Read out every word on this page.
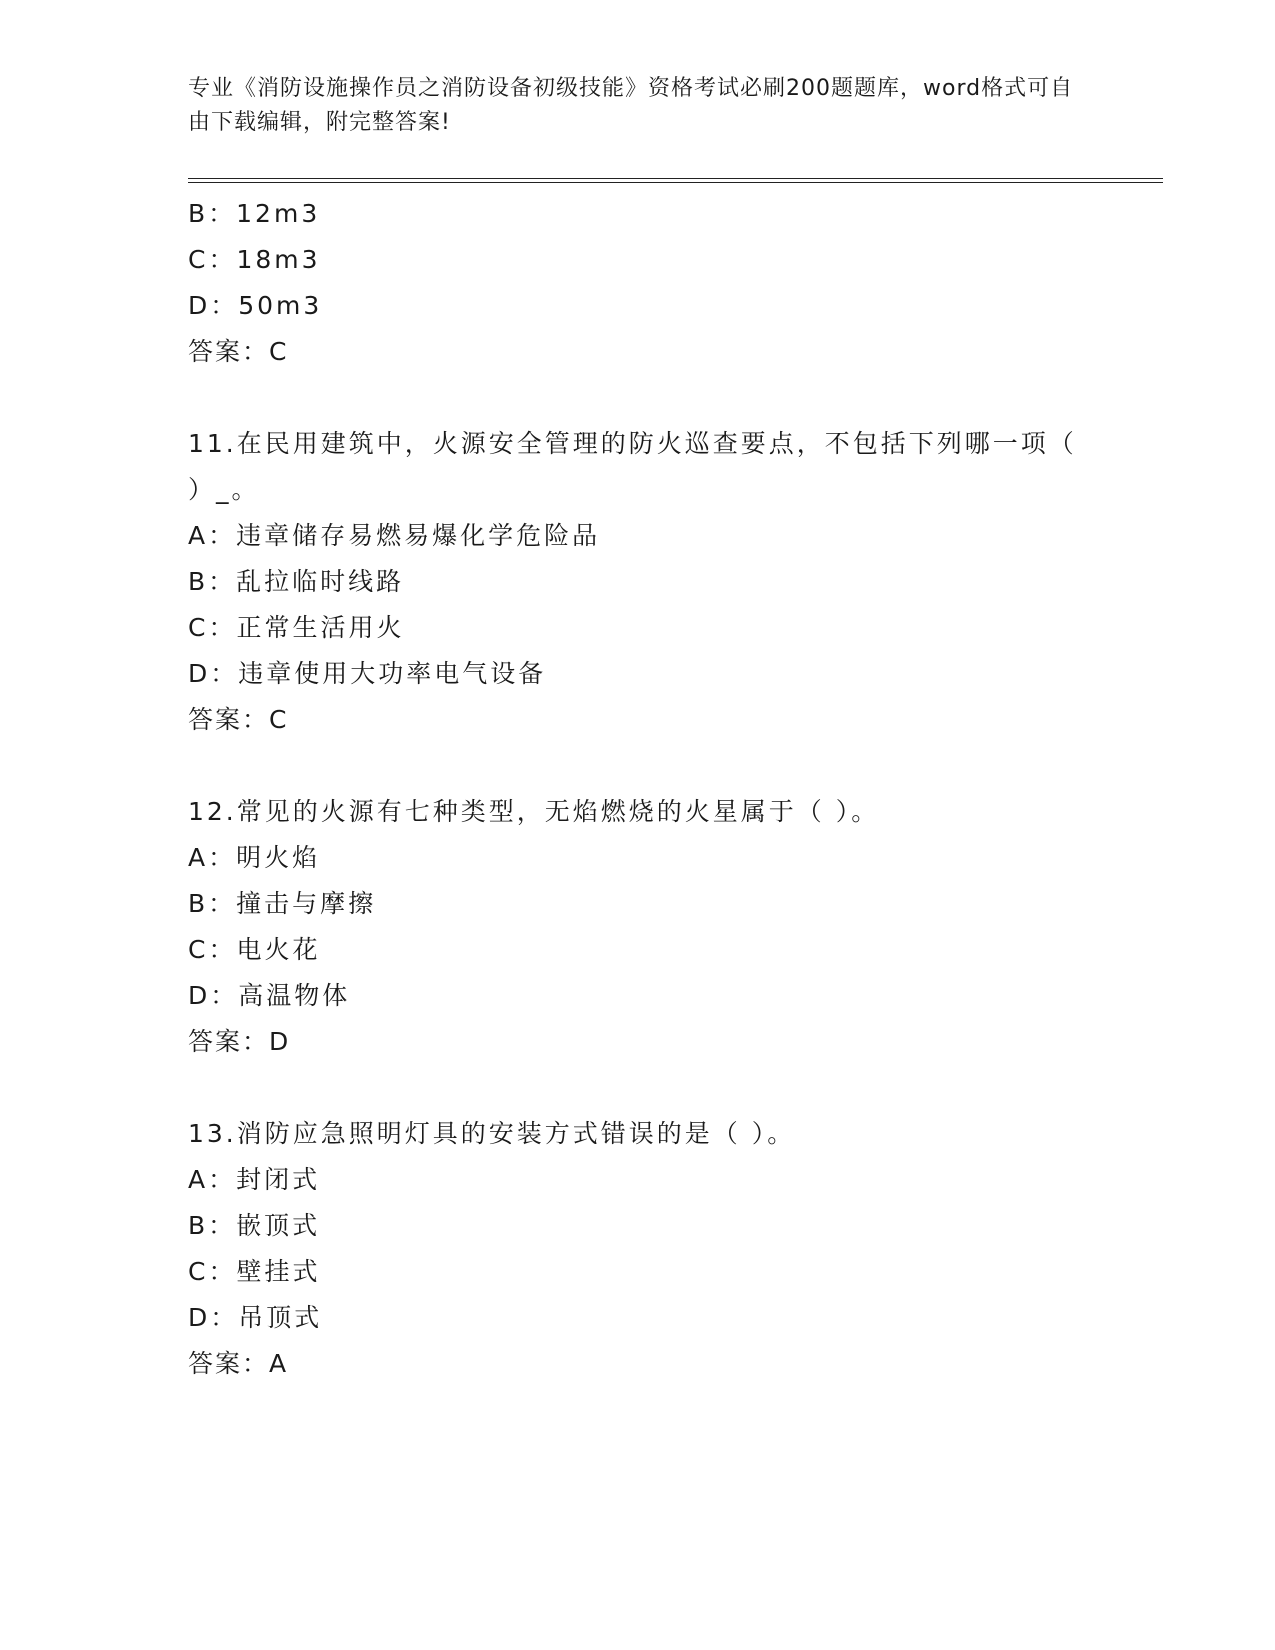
专业《消防设施操作员之消防设备初级技能》资格考试必刷200题题库，word格式可自由下载编辑，附完整答案!
B：12m3
C：18m3
D：50m3
答案：C
11.在民用建筑中，火源安全管理的防火巡查要点，不包括下列哪一项（ ）_。
A：违章储存易燃易爆化学危险品
B：乱拉临时线路
C：正常生活用火
D：违章使用大功率电气设备
答案：C
12.常见的火源有七种类型，无焰燃烧的火星属于（ ）。
A：明火焰
B：撞击与摩擦
C：电火花
D：高温物体
答案：D
13.消防应急照明灯具的安装方式错误的是（ ）。
A：封闭式
B：嵌顶式
C：壁挂式
D：吊顶式
答案：A
